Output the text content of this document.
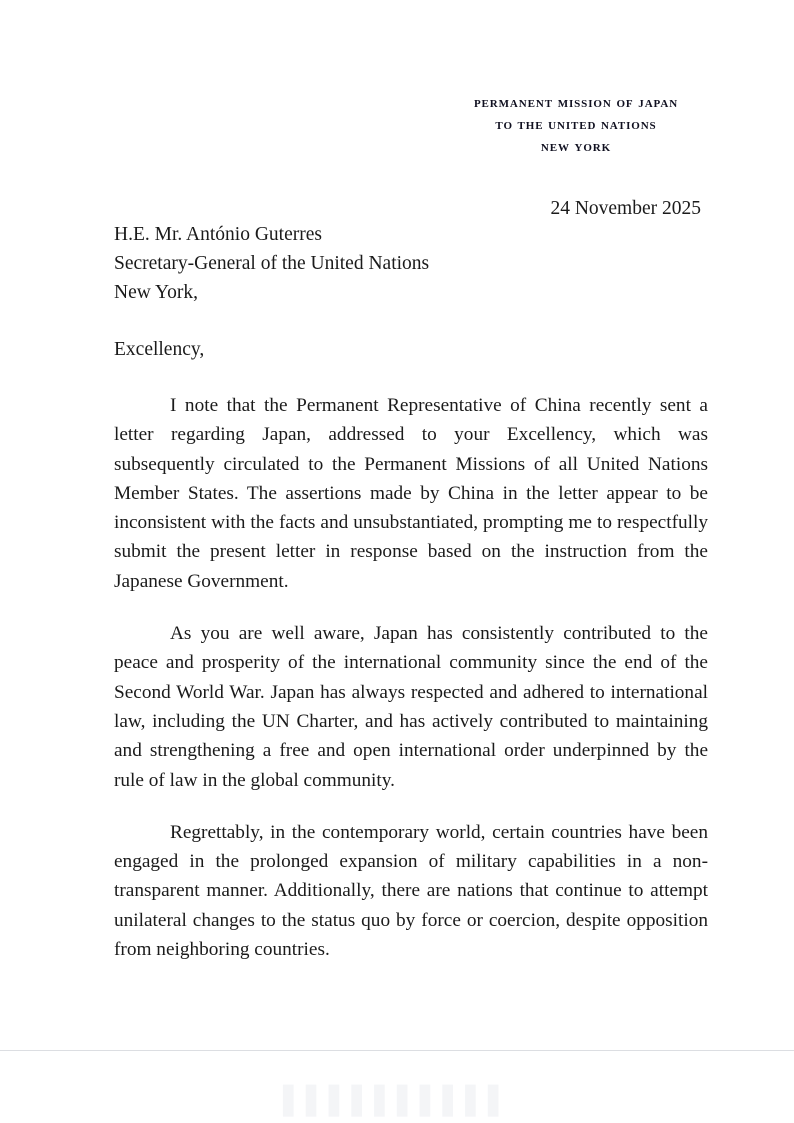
permanent mission of japan
to the united nations
new york
24 November 2025
H.E. Mr. António Guterres
Secretary-General of the United Nations
New York,
Excellency,

I note that the Permanent Representative of China recently sent a letter regarding Japan, addressed to your Excellency, which was subsequently circulated to the Permanent Missions of all United Nations Member States. The assertions made by China in the letter appear to be inconsistent with the facts and unsubstantiated, prompting me to respectfully submit the present letter in response based on the instruction from the Japanese Government.

As you are well aware, Japan has consistently contributed to the peace and prosperity of the international community since the end of the Second World War. Japan has always respected and adhered to international law, including the UN Charter, and has actively contributed to maintaining and strengthening a free and open international order underpinned by the rule of law in the global community.

Regrettably, in the contemporary world, certain countries have been engaged in the prolonged expansion of military capabilities in a non-transparent manner. Additionally, there are nations that continue to attempt unilateral changes to the status quo by force or coercion, despite opposition from neighboring countries.

▌▌▌▌▌▌▌▌▌▌
